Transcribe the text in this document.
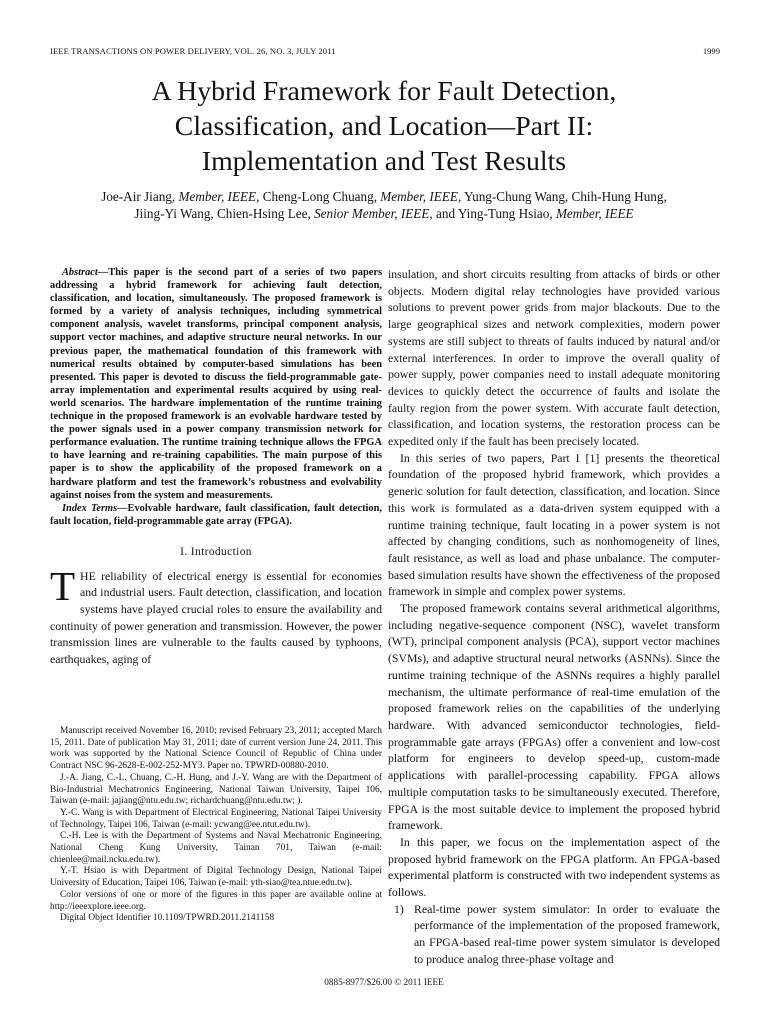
IEEE TRANSACTIONS ON POWER DELIVERY, VOL. 26, NO. 3, JULY 2011	1999
A Hybrid Framework for Fault Detection,
Classification, and Location—Part II:
Implementation and Test Results
Joe-Air Jiang, Member, IEEE, Cheng-Long Chuang, Member, IEEE, Yung-Chung Wang, Chih-Hung Hung,
Jiing-Yi Wang, Chien-Hsing Lee, Senior Member, IEEE, and Ying-Tung Hsiao, Member, IEEE

Abstract—This paper is the second part of a series of two papers addressing a hybrid framework for achieving fault detection, classification, and location, simultaneously. The proposed framework is formed by a variety of analysis techniques, including symmetrical component analysis, wavelet transforms, principal component analysis, support vector machines, and adaptive structure neural networks. In our previous paper, the mathematical foundation of this framework with numerical results obtained by computer-based simulations has been presented. This paper is devoted to discuss the field-programmable gate-array implementation and experimental results acquired by using real-world scenarios. The hardware implementation of the runtime training technique in the proposed framework is an evolvable hardware tested by the power signals used in a power company transmission network for performance evaluation. The runtime training technique allows the FPGA to have learning and re-training capabilities. The main purpose of this paper is to show the applicability of the proposed framework on a hardware platform and test the framework’s robustness and evolvability against noises from the system and measurements.

Index Terms—Evolvable hardware, fault classification, fault detection, fault location, field-programmable gate array (FPGA).

I. Introduction

THE reliability of electrical energy is essential for economies and industrial users. Fault detection, classification, and location systems have played crucial roles to ensure the availability and continuity of power generation and transmission. However, the power transmission lines are vulnerable to the faults caused by typhoons, earthquakes, aging of

Manuscript received November 16, 2010; revised February 23, 2011; accepted March 15, 2011. Date of publication May 31, 2011; date of current version June 24, 2011. This work was supported by the National Science Council of Republic of China under Contract NSC 96-2628-E-002-252-MY3. Paper no. TPWRD-00880-2010.

J.-A. Jiang, C.-L. Chuang, C.-H. Hung, and J.-Y. Wang are with the Department of Bio-Industrial Mechatronics Engineering, National Taiwan University, Taipei 106, Taiwan (e-mail: jajiang@ntu.edu.tw; richardchuang@ntu.edu.tw; ).

Y.-C. Wang is with Department of Electrical Engineering, National Taipei University of Technology, Taipei 106, Taiwan (e-mail: ycwang@ee.ntut.edu.tw).

C.-H. Lee is with the Department of Systems and Naval Mechatronic Engineering, National Cheng Kung University, Tainan 701, Taiwan (e-mail: chienlee@mail.ncku.edu.tw).

Y.-T. Hsiao is with Department of Digital Technology Design, National Taipei University of Education, Taipei 106, Taiwan (e-mail: yth-siao@tea.ntue.edu.tw).

Color versions of one or more of the figures in this paper are available online at http://ieeexplore.ieee.org.

Digital Object Identifier 10.1109/TPWRD.2011.2141158

insulation, and short circuits resulting from attacks of birds or other objects. Modern digital relay technologies have provided various solutions to prevent power grids from major blackouts. Due to the large geographical sizes and network complexities, modern power systems are still subject to threats of faults induced by natural and/or external interferences. In order to improve the overall quality of power supply, power companies need to install adequate monitoring devices to quickly detect the occurrence of faults and isolate the faulty region from the power system. With accurate fault detection, classification, and location systems, the restoration process can be expedited only if the fault has been precisely located.

In this series of two papers, Part I [1] presents the theoretical foundation of the proposed hybrid framework, which provides a generic solution for fault detection, classification, and location. Since this work is formulated as a data-driven system equipped with a runtime training technique, fault locating in a power system is not affected by changing conditions, such as nonhomogeneity of lines, fault resistance, as well as load and phase unbalance. The computer-based simulation results have shown the effectiveness of the proposed framework in simple and complex power systems.

The proposed framework contains several arithmetical algorithms, including negative-sequence component (NSC), wavelet transform (WT), principal component analysis (PCA), support vector machines (SVMs), and adaptive structural neural networks (ASNNs). Since the runtime training technique of the ASNNs requires a highly parallel mechanism, the ultimate performance of real-time emulation of the proposed framework relies on the capabilities of the underlying hardware. With advanced semiconductor technologies, field-programmable gate arrays (FPGAs) offer a convenient and low-cost platform for engineers to develop speed-up, custom-made applications with parallel-processing capability. FPGA allows multiple computation tasks to be simultaneously executed. Therefore, FPGA is the most suitable device to implement the proposed hybrid framework.

In this paper, we focus on the implementation aspect of the proposed hybrid framework on the FPGA platform. An FPGA-based experimental platform is constructed with two independent systems as follows.

1) Real-time power system simulator: In order to evaluate the performance of the implementation of the proposed framework, an FPGA-based real-time power system simulator is developed to produce analog three-phase voltage and
0885-8977/$26.00 © 2011 IEEE
